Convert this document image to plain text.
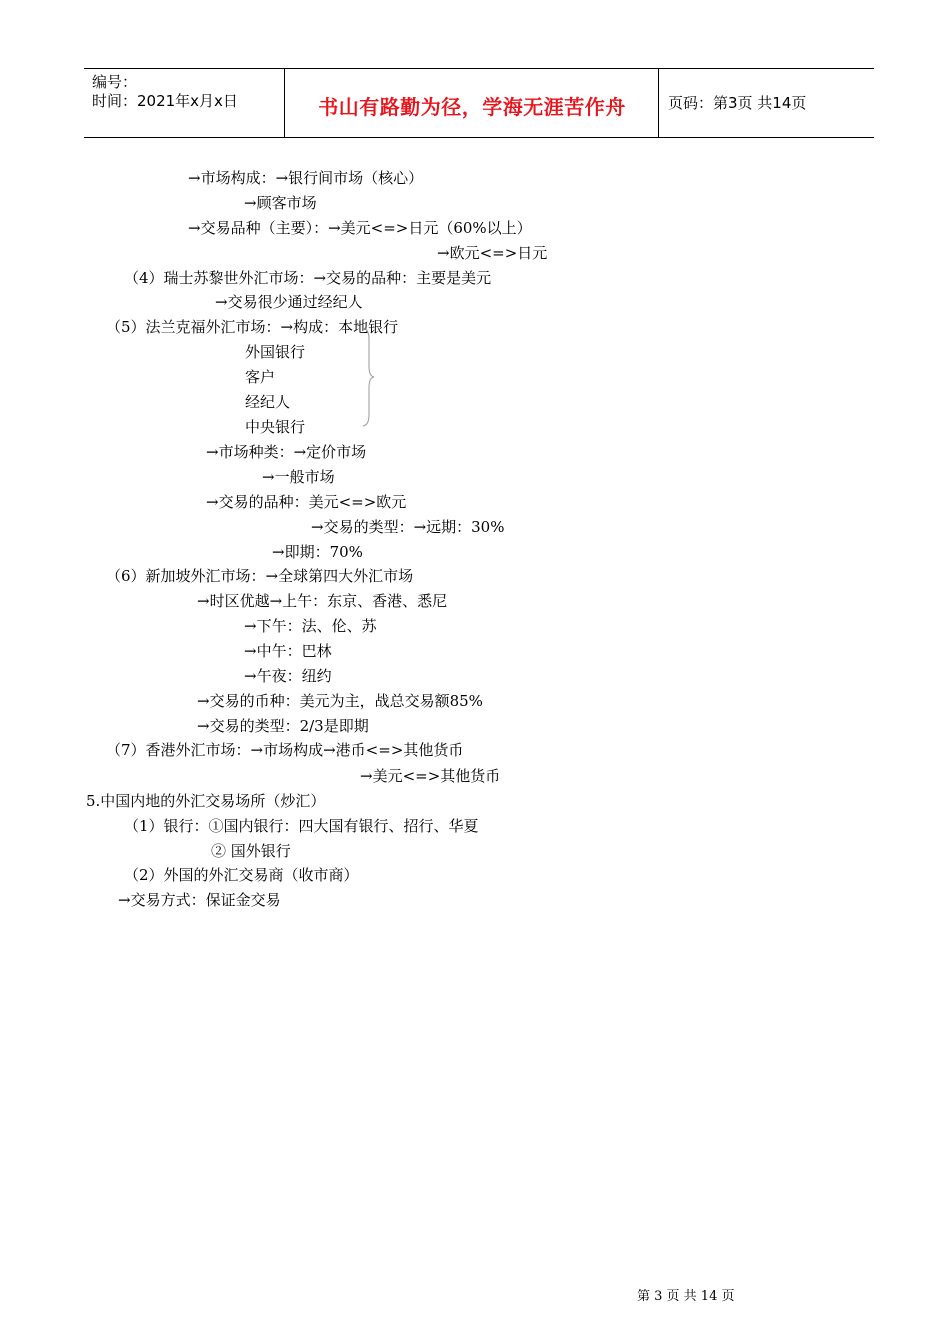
编号：
时间：2021年x月x日	书山有路勤为径，学海无涯苦作舟	页码：第3页 共14页
→市场构成：→银行间市场（核心）
→顾客市场
→交易品种（主要）：→美元<=>日元（60%以上）
→欧元<=>日元
（4）瑞士苏黎世外汇市场：→交易的品种：主要是美元
→交易很少通过经纪人
（5）法兰克福外汇市场：→构成：本地银行
外国银行
客户
经纪人
中央银行
→市场种类：→定价市场
→一般市场
→交易的品种：美元<=>欧元
→交易的类型：→远期：30%
→即期：70%
（6）新加坡外汇市场：→全球第四大外汇市场
→时区优越→上午：东京、香港、悉尼
→下午：法、伦、苏
→中午：巴林
→午夜：纽约
→交易的币种：美元为主，战总交易额85%
→交易的类型：2/3是即期
（7）香港外汇市场：→市场构成→港币<=>其他货币
→美元<=>其他货币
5.中国内地的外汇交易场所（炒汇）
（1）银行：①国内银行：四大国有银行、招行、华夏
② 国外银行
（2）外国的外汇交易商（收市商）
→交易方式：保证金交易
第 3 页 共 14 页
